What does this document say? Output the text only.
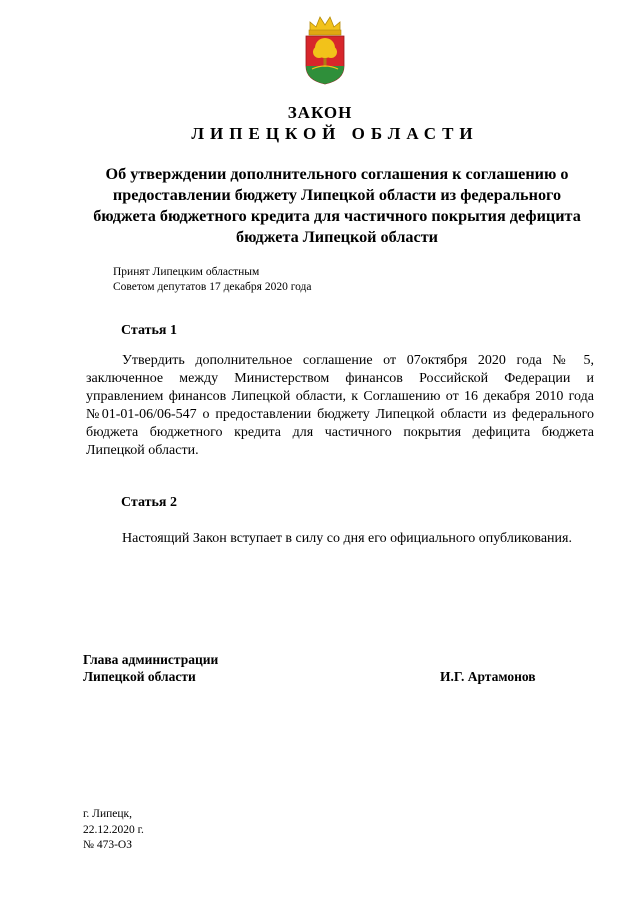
ЗАКОН
ЛИПЕЦКОЙ ОБЛАСТИ
Об утверждении дополнительного соглашения к соглашению о предоставлении бюджету Липецкой области из федерального бюджета бюджетного кредита для частичного покрытия дефицита бюджета Липецкой области
Принят Липецким областным
Советом депутатов 17 декабря 2020 года
Статья 1
Утвердить дополнительное соглашение от 07октября 2020 года № 5, заключенное между Министерством финансов Российской Федерации и управлением финансов Липецкой области, к Соглашению от 16 декабря 2010 года №01-01-06/06-547 о предоставлении бюджету Липецкой области из федерального бюджета бюджетного кредита для частичного покрытия дефицита бюджета Липецкой области.
Статья 2
Настоящий Закон вступает в силу со дня его официального опубликования.
Глава администрации
Липецкой области	И.Г. Артамонов
г. Липецк,
22.12.2020 г.
№ 473-ОЗ
